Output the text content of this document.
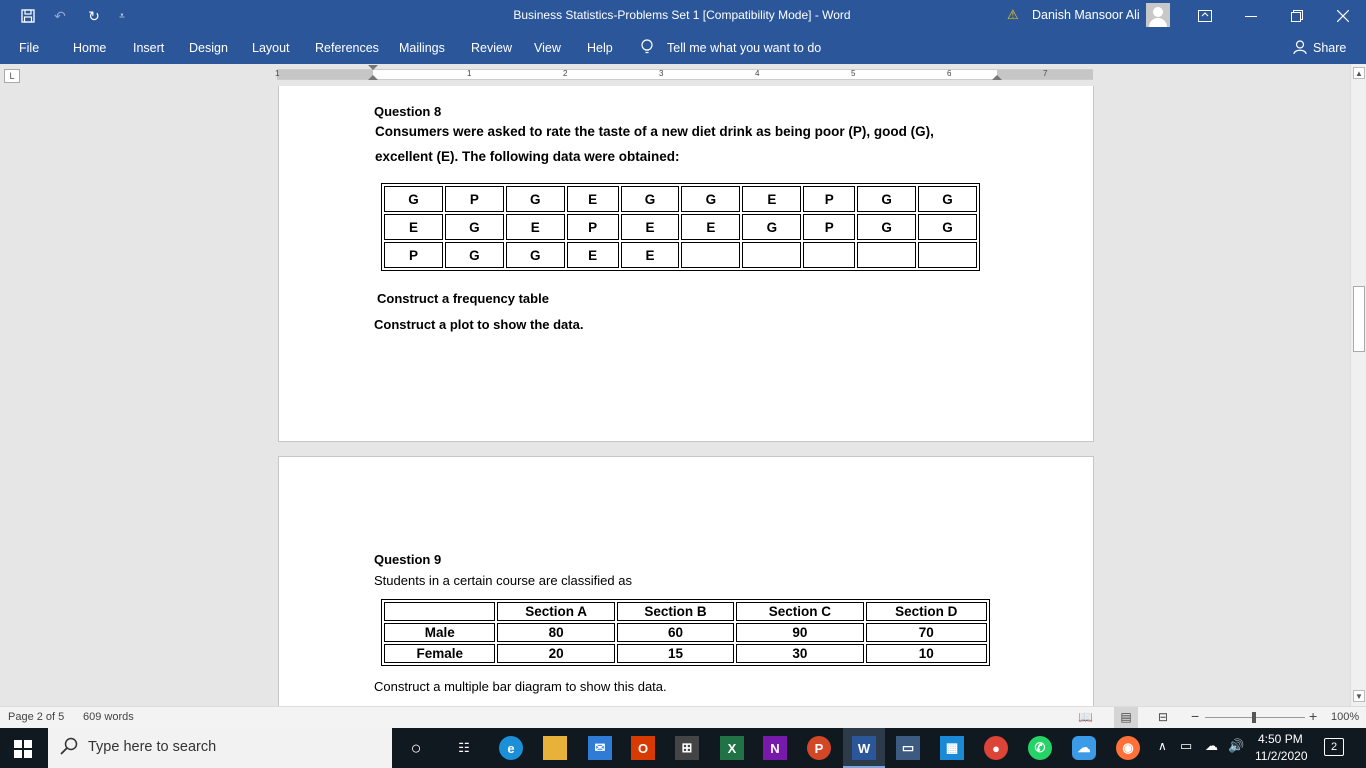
↶ ↻	⩡	Business Statistics-Problems Set 1 [Compatibility Mode] - Word	⚠ Danish Mansoor Ali
File	Home Insert Design Layout References Mailings Review View Help	Tell me what you want to do	Share
L	1	1	2	3	4	5	6	7
Question 8
Consumers were asked to rate the taste of a new diet drink as being poor (P), good (G),
excellent (E). The following data were obtained:
G	P	G	E	G	G	E	P	G	G
E	G	E	P	E	E	G	P	G	G
P	G	G	E	E					
Construct a frequency table
Construct a plot to show the data.
Question 9
Students in a certain course are classified as
	Section A	Section B	Section C	Section D
Male	80	60	90	70
Female	20	15	30	10
Construct a multiple bar diagram to show this data.
▲
▼
Page 2 of 5 609 words	📖	▤	⊟ −	+ 100%
Type here to search	○	☷	e	✉	O	⊞	X	N	P	W	▭	▦	●	✆	☁	◉	∧ ▭ ☁ 🔊 4:50 PM
11/2/2020
2
